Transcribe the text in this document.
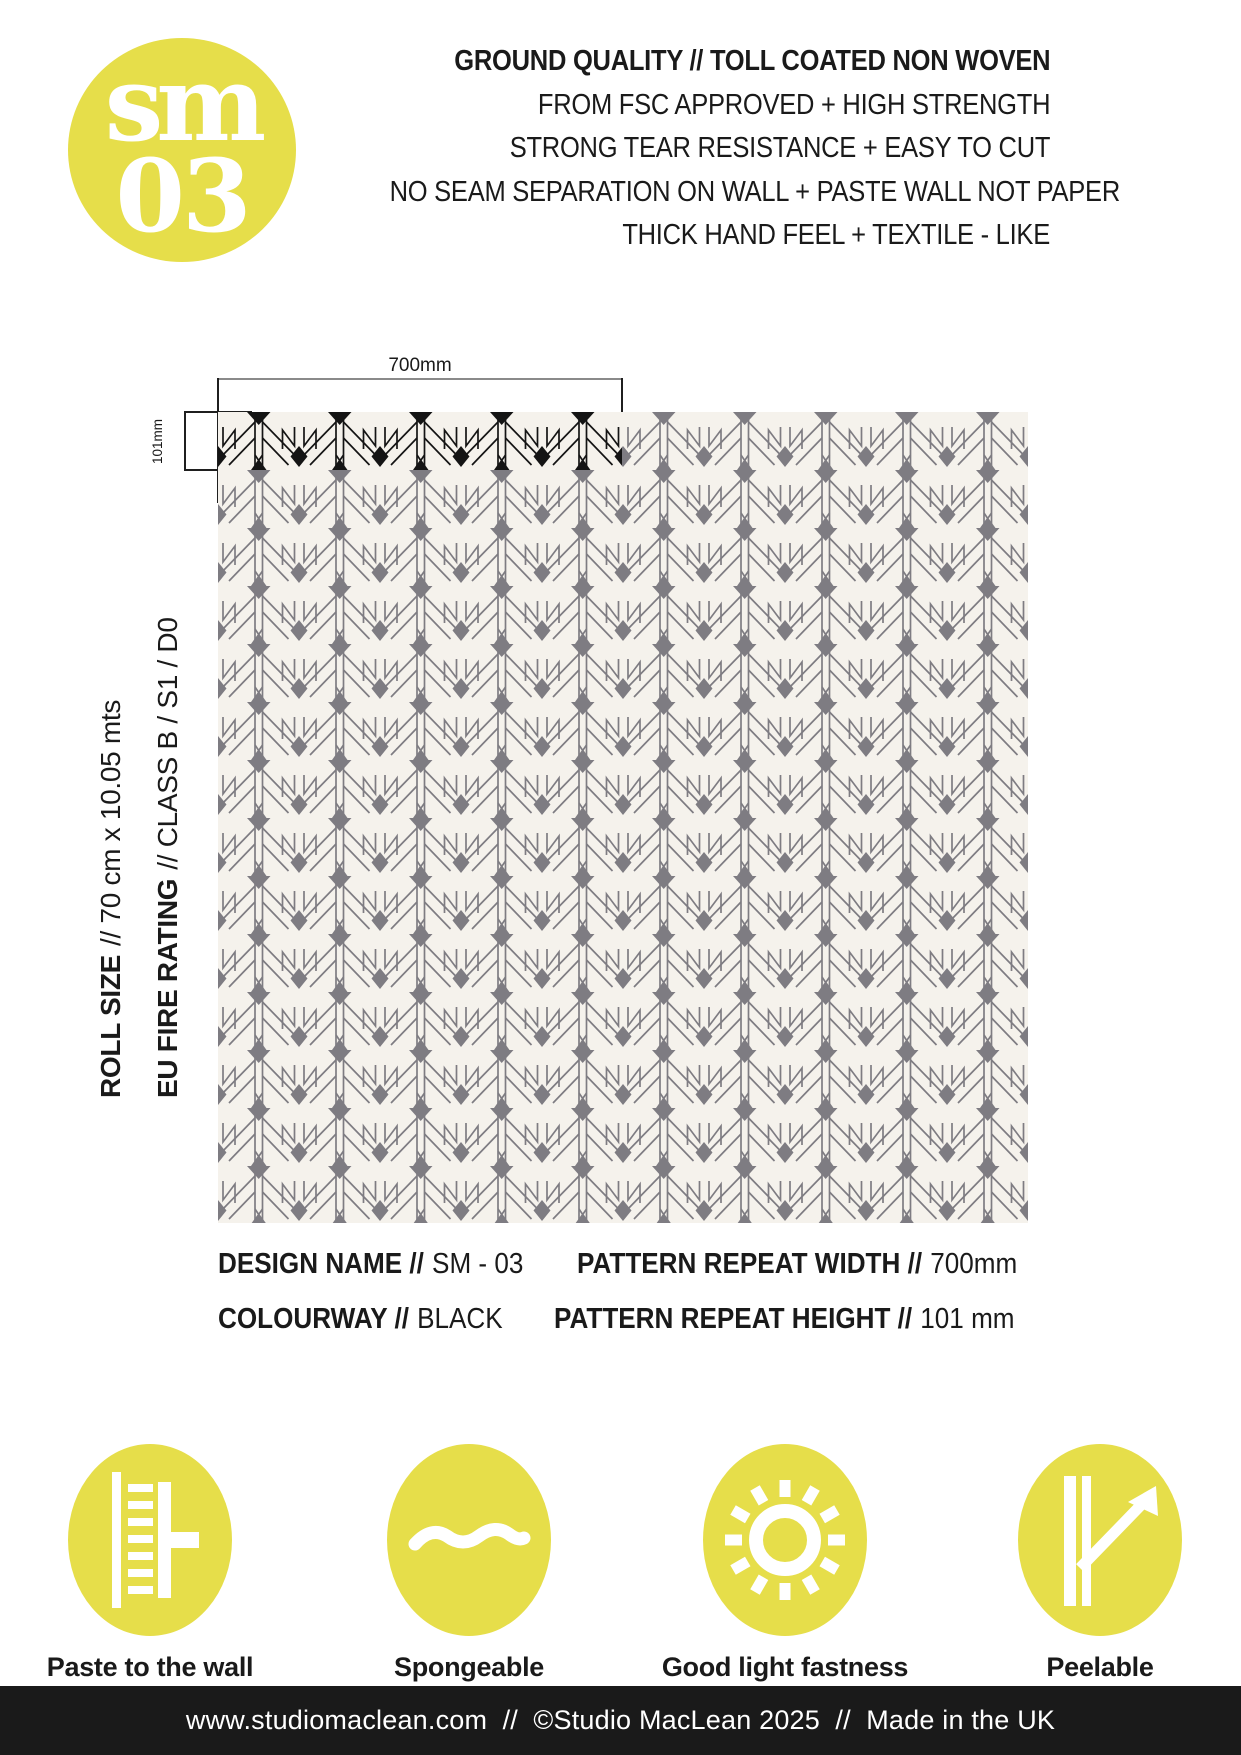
sm
03
GROUND QUALITY // TOLL COATED NON WOVEN
FROM FSC APPROVED + HIGH STRENGTH
STRONG TEAR RESISTANCE + EASY TO CUT
NO SEAM SEPARATION ON WALL + PASTE WALL NOT PAPER
THICK HAND FEEL + TEXTILE - LIKE
700mm
101mm
ROLL SIZE// 70 cm x 10.05 mts
EU FIRE RATING// CLASS B / S1 / D0
DESIGN NAME // SM - 03	PATTERN REPEAT WIDTH // 700mm
COLOURWAY // BLACK	PATTERN REPEAT HEIGHT // 101 mm
Paste to the wall	Spongeable	Good light fastness	Peelable
www.studiomaclean.com  //  ©Studio MacLean 2025  //  Made in the UK
